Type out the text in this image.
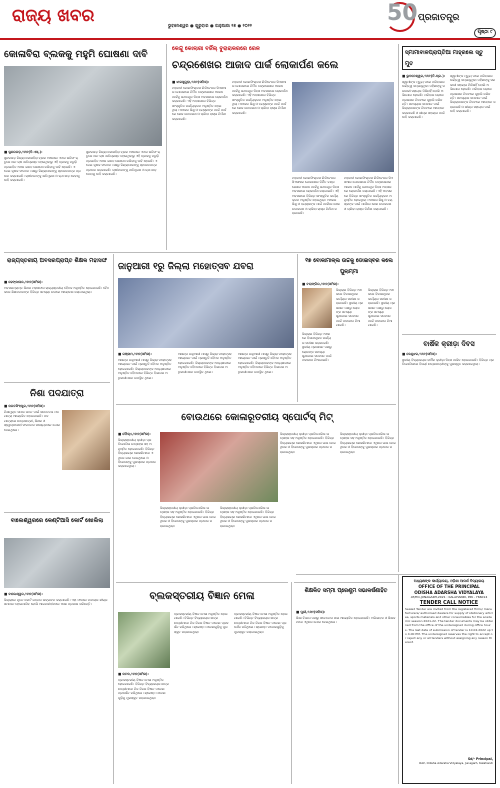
ରାଜ୍ୟ ଖବର	ଭୁବନେଶ୍ୱର ● ଗୁରୁବାର ● ଜାନୁଆରୀ ୨୭ ● ୨୦୨୨	50 ପ୍ରଜାତନ୍ତ୍ର
ପୃଷ୍ଠା ୯
କୋଳାବିରା ବ୍ଲକକୁ ମହୁମି ଘୋଷଣା ଦାବି
■ ସୁନ୍ଦରଗଡ଼,୨୬ା୧(ବି.ଏସ୍.):
ସୁନ୍ଦରଗଡ଼ ଜିଲ୍ଲା କୋଳାବିରା ବ୍ଲକ ଅଞ୍ଚଳରେ ଏଥର ଖରିଫ ଋତୁରେ ଧାନ ଚାଷ କ୍ଷତିଗ୍ରସ୍ତ ହୋଇଥିବାରୁ ଏହି ବ୍ଲକକୁ ମରୁଡ଼ି ପ୍ରଭାବିତ ଅଞ୍ଚଳ ଭାବେ ଘୋଷଣା କରିବାକୁ ଦାବି ହୋଇଛି। ଏ ନେଇ କୃଷକ ସଂଗଠନ ପକ୍ଷରୁ ଜିଲ୍ଲାପାଳଙ୍କୁ ସ୍ମାରକପତ୍ର ପ୍ରଦାନ କରାଯାଇଛି। ଚାଷୀମାନଙ୍କୁ କ୍ଷତିପୂରଣ ଓ ଋଣ ଛାଡ଼ ଦେବାକୁ ଦାବି କରାଯାଇଛି।
ସୁନ୍ଦରଗଡ଼ ଜିଲ୍ଲା କୋଳାବିରା ବ୍ଲକ ଅଞ୍ଚଳରେ ଏଥର ଖରିଫ ଋତୁରେ ଧାନ ଚାଷ କ୍ଷତିଗ୍ରସ୍ତ ହୋଇଥିବାରୁ ଏହି ବ୍ଲକକୁ ମରୁଡ଼ି ପ୍ରଭାବିତ ଅଞ୍ଚଳ ଭାବେ ଘୋଷଣା କରିବାକୁ ଦାବି ହୋଇଛି। ଏ ନେଇ କୃଷକ ସଂଗଠନ ପକ୍ଷରୁ ଜିଲ୍ଲାପାଳଙ୍କୁ ସ୍ମାରକପତ୍ର ପ୍ରଦାନ କରାଯାଇଛି। ଚାଷୀମାନଙ୍କୁ କ୍ଷତିପୂରଣ ଓ ଋଣ ଛାଡ଼ ଦେବାକୁ ଦାବି କରାଯାଇଛି।
କେନ୍ଦୁ କୋଲାରୀ ବର୍ଜିଲ୍ ବୁରାରାକରରେ ରେଳ
ଚନ୍ଦ୍ରଶେଖର ଆଜାଦ ପାର୍କ ଲୋକାର୍ପଣ କଲେ
■ ଝାରସୁଗୁଡ଼ା,୨୬ା୧(ସମିସ):
ମହାନଦୀ କୋଲଫିଲ୍ଡସ ଲିମିଟେଡର ସିଏସଆର ଯୋଜନାରେ ନିର୍ମିତ ଚନ୍ଦ୍ରଶେଖର ଆଜାଦ ପାର୍କକୁ ଗଣତନ୍ତ୍ର ଦିବସ ଅବସରରେ ଲୋକାର୍ପଣ କରାଯାଇଛି। ଏହି ଅବସରରେ ବିଭିନ୍ନ ସାଂସ୍କୃତିକ କାର୍ଯ୍ୟକ୍ରମ ଅନୁଷ୍ଠିତ ହୋଇଥିଲା। ଅଞ୍ଚଳର ଶିଶୁ ଓ ବୟସ୍କଙ୍କ ପାଇଁ ପାର୍କରେ ଖେଳ ଉପକରଣ ଓ ଚାଲିବା ରାସ୍ତା ନିର୍ମାଣ କରାଯାଇଛି।
ମହାନଦୀ କୋଲଫିଲ୍ଡସ ଲିମିଟେଡର ସିଏସଆର ଯୋଜନାରେ ନିର୍ମିତ ଚନ୍ଦ୍ରଶେଖର ଆଜାଦ ପାର୍କକୁ ଗଣତନ୍ତ୍ର ଦିବସ ଅବସରରେ ଲୋକାର୍ପଣ କରାଯାଇଛି। ଏହି ଅବସରରେ ବିଭିନ୍ନ ସାଂସ୍କୃତିକ କାର୍ଯ୍ୟକ୍ରମ ଅନୁଷ୍ଠିତ ହୋଇଥିଲା। ଅଞ୍ଚଳର ଶିଶୁ ଓ ବୟସ୍କଙ୍କ ପାଇଁ ପାର୍କରେ ଖେଳ ଉପକରଣ ଓ ଚାଲିବା ରାସ୍ତା ନିର୍ମାଣ କରାଯାଇଛି।
ମହାନଦୀ କୋଲଫିଲ୍ଡସ ଲିମିଟେଡର ସିଏସଆର ଯୋଜନାରେ ନିର୍ମିତ ଚନ୍ଦ୍ରଶେଖର ଆଜାଦ ପାର୍କକୁ ଗଣତନ୍ତ୍ର ଦିବସ ଅବସରରେ ଲୋକାର୍ପଣ କରାଯାଇଛି। ଏହି ଅବସରରେ ବିଭିନ୍ନ ସାଂସ୍କୃତିକ କାର୍ଯ୍ୟକ୍ରମ ଅନୁଷ୍ଠିତ ହୋଇଥିଲା। ଅଞ୍ଚଳର ଶିଶୁ ଓ ବୟସ୍କଙ୍କ ପାଇଁ ପାର୍କରେ ଖେଳ ଉପକରଣ ଓ ଚାଲିବା ରାସ୍ତା ନିର୍ମାଣ କରାଯାଇଛି।
ମହାନଦୀ କୋଲଫିଲ୍ଡସ ଲିମିଟେଡର ସିଏସଆର ଯୋଜନାରେ ନିର୍ମିତ ଚନ୍ଦ୍ରଶେଖର ଆଜାଦ ପାର୍କକୁ ଗଣତନ୍ତ୍ର ଦିବସ ଅବସରରେ ଲୋକାର୍ପଣ କରାଯାଇଛି। ଏହି ଅବସରରେ ବିଭିନ୍ନ ସାଂସ୍କୃତିକ କାର୍ଯ୍ୟକ୍ରମ ଅନୁଷ୍ଠିତ ହୋଇଥିଲା। ଅଞ୍ଚଳର ଶିଶୁ ଓ ବୟସ୍କଙ୍କ ପାଇଁ ପାର୍କରେ ଖେଳ ଉପକରଣ ଓ ଚାଲିବା ରାସ୍ତା ନିର୍ମାଣ କରାଯାଇଛି।
ସ୍ମାମୀବାଳପ୍ରାପ୍ତିଆ ମାହ୍ରଲେ ସ୍ତୁ ମୁତ
■ ଭୁବନେଶ୍ୱର,୨୬ା୧(ନି.ପ୍ର.):
ସ୍ୱାମୀଙ୍କ ମୃତ୍ୟୁ ପରେ ପରିବାରର ଦାୟିତ୍ୱ ସମ୍ଭାଳୁଥିବା ମହିଳାଙ୍କୁ ସରକାରୀ ସହାୟତା ମିଳିନାହିଁ ବୋଲି ଅଭିଯୋଗ ହୋଇଛି। ପରିବାର ଲୋକେ ପ୍ରଶାସନ ନିକଟରେ ଗୁହାରି କରିଛନ୍ତି। ସମସ୍ୟାର ସମାଧାନ ପାଇଁ ଜିଲ୍ଲାପାଳଙ୍କ ନିକଟରେ ଆବେଦନ କରାଯାଇଛି ଓ ଶୀଘ୍ର ସହାୟତା ପାଇଁ ଦାବି କରାଯାଇଛି।
ସ୍ୱାମୀଙ୍କ ମୃତ୍ୟୁ ପରେ ପରିବାରର ଦାୟିତ୍ୱ ସମ୍ଭାଳୁଥିବା ମହିଳାଙ୍କୁ ସରକାରୀ ସହାୟତା ମିଳିନାହିଁ ବୋଲି ଅଭିଯୋଗ ହୋଇଛି। ପରିବାର ଲୋକେ ପ୍ରଶାସନ ନିକଟରେ ଗୁହାରି କରିଛନ୍ତି। ସମସ୍ୟାର ସମାଧାନ ପାଇଁ ଜିଲ୍ଲାପାଳଙ୍କ ନିକଟରେ ଆବେଦନ କରାଯାଇଛି ଓ ଶୀଘ୍ର ସହାୟତା ପାଇଁ ଦାବି କରାଯାଇଛି।
ବାର୍ଷିକ କ୍ରୀଡ଼ା ଦିବସ
■ କେନ୍ଦୁଝର,୨୬ା୧(ସମିସ):
ସ୍ଥାନୀୟ ବିଦ୍ୟାଳୟର ବାର୍ଷିକ କ୍ରୀଡ଼ା ଦିବସ ପାଳିତ ହୋଇଯାଇଛି। ବିଭିନ୍ନ ପ୍ରତିଯୋଗିତାରେ ବିଜୟୀ ଛାତ୍ରଛାତ୍ରୀଙ୍କୁ ପୁରସ୍କୃତ କରାଯାଇଥିଲା।
ରାଜ୍ୟସ୍ତରୀୟ ଅବସରପ୍ରାପ୍ତ ଶିକ୍ଷକ ମହାସଙ୍ଘ
■ ଢେଙ୍କାନାଳ,୨୬ା୧(ସମିସ):
ଅବସରପ୍ରାପ୍ତ ଶିକ୍ଷକ ମହାସଙ୍ଘର ରାଜ୍ୟସ୍ତରୀୟ ବୈଠକ ଅନୁଷ୍ଠିତ ହୋଇଯାଇଛି। ବୈଠକରେ ଶିକ୍ଷକମାନଙ୍କ ବିଭିନ୍ନ ସମସ୍ୟା ଉପରେ ଆଲୋଚନା କରାଯାଇଥିଲା।
ନିଶା ପଦଯାତ୍ରା
■ ଜଗତସିଂହପୁର,୨୬ା୧(ସମିସ):
ନିଶାମୁକ୍ତ ସମାଜ ଗଠନ ପାଇଁ ସଚେତନତା ପଦଯାତ୍ରା ଆୟୋଜିତ ହୋଇଯାଇଛି। ପଦଯାତ୍ରାରେ ଛାତ୍ରଛାତ୍ରୀ, ଶିକ୍ଷକ ଓ ସ୍ୱେଚ୍ଛାସେବୀ ସଂଗଠନର ସଦସ୍ୟମାନେ ଯୋଗ ଦେଇଥିଲେ।
ବାଲେଶ୍ୱରରେ କେଣ୍ଟିଆସି କୋର୍ଟ ଖୋଲିଲା
■ ବାଲେଶ୍ୱର,୨୬ା୧(ସମିସ):
ଜିଲ୍ଲାରେ ନୂତନ କୋର୍ଟ ଭବନର ଉଦ୍‌ଘାଟନ କରାଯାଇଛି। ଏହା ଫଳରେ ମାମଲାର ଶୀଘ୍ର ସମାଧାନ ହୋଇପାରିବ ବୋଲି ଆଇନଜୀବୀମାନେ ଆଶା ପ୍ରକାଶ କରିଛନ୍ତି।
ଜାନୁଆରୀ ୧ରୁ ଜିଲ୍ଲା ମହୋତ୍ସବ ଯବରା
■ ଗଞ୍ଜାମ,୨୬ା୧(ସମିସ):
ଆସନ୍ତା ଜାନୁଆରୀ ମାସରୁ ଜିଲ୍ଲା ମହୋତ୍ସବ ଆୟୋଜନ ପାଇଁ ପ୍ରସ୍ତୁତି ବୈଠକ ଅନୁଷ୍ଠିତ ହୋଇଯାଇଛି। ଜିଲ୍ଲାପାଳଙ୍କ ଅଧ୍ୟକ୍ଷତାରେ ଅନୁଷ୍ଠିତ ବୈଠକରେ ବିଭିନ୍ନ ବିଭାଗର ଅଧିକାରୀମାନେ ଉପସ୍ଥିତ ଥିଲେ।
ଆସନ୍ତା ଜାନୁଆରୀ ମାସରୁ ଜିଲ୍ଲା ମହୋତ୍ସବ ଆୟୋଜନ ପାଇଁ ପ୍ରସ୍ତୁତି ବୈଠକ ଅନୁଷ୍ଠିତ ହୋଇଯାଇଛି। ଜିଲ୍ଲାପାଳଙ୍କ ଅଧ୍ୟକ୍ଷତାରେ ଅନୁଷ୍ଠିତ ବୈଠକରେ ବିଭିନ୍ନ ବିଭାଗର ଅଧିକାରୀମାନେ ଉପସ୍ଥିତ ଥିଲେ।
ଆସନ୍ତା ଜାନୁଆରୀ ମାସରୁ ଜିଲ୍ଲା ମହୋତ୍ସବ ଆୟୋଜନ ପାଇଁ ପ୍ରସ୍ତୁତି ବୈଠକ ଅନୁଷ୍ଠିତ ହୋଇଯାଇଛି। ଜିଲ୍ଲାପାଳଙ୍କ ଅଧ୍ୟକ୍ଷତାରେ ଅନୁଷ୍ଠିତ ବୈଠକରେ ବିଭିନ୍ନ ବିଭାଗର ଅଧିକାରୀମାନେ ଉପସ୍ଥିତ ଥିଲେ।
୧୭ ବୋକାମାଳ୍ଲ ଉଚ୍ଚକୁ ଡୋଇସ୍ବର କଲେ ପୁଲାମ୍ମୀ
■ ବଲାଙ୍ଗିର,୨୬ା୧(ସମିସ):
ଜିଲ୍ଲାର ବିଭିନ୍ନ ଅଞ୍ଚଳରେ ବିକାଶମୂଳକ କାର୍ଯ୍ୟର ସମୀକ୍ଷା କରାଯାଇଛି। ସ୍ଥାନୀୟ ପ୍ରଶାସନ ପକ୍ଷରୁ ଲୋକଙ୍କ ସମସ୍ୟା ଶୁଣାଯାଇ ସମାଧାନ ପାଇଁ ପଦକ୍ଷେପ ନିଆଯାଇଛି।
ଜିଲ୍ଲାର ବିଭିନ୍ନ ଅଞ୍ଚଳରେ ବିକାଶମୂଳକ କାର୍ଯ୍ୟର ସମୀକ୍ଷା କରାଯାଇଛି। ସ୍ଥାନୀୟ ପ୍ରଶାସନ ପକ୍ଷରୁ ଲୋକଙ୍କ ସମସ୍ୟା ଶୁଣାଯାଇ ସମାଧାନ ପାଇଁ ପଦକ୍ଷେପ ନିଆଯାଇଛି।
ଜିଲ୍ଲାର ବିଭିନ୍ନ ଅଞ୍ଚଳରେ ବିକାଶମୂଳକ କାର୍ଯ୍ୟର ସମୀକ୍ଷା କରାଯାଇଛି। ସ୍ଥାନୀୟ ପ୍ରଶାସନ ପକ୍ଷରୁ ଲୋକଙ୍କ ସମସ୍ୟା ଶୁଣାଯାଇ ସମାଧାନ ପାଇଁ ପଦକ୍ଷେପ ନିଆଯାଇଛି।
ବୋଉଥରେ କୋଳାରୂତରୀୟ ସ୍ପୋର୍ଟସ୍ ମିଟ୍
■ ବୌଦ୍ଧ,୨୬ା୧(ସମିସ):
ଜିଲ୍ଲାସ୍ତରୀୟ କ୍ରୀଡ଼ା ପ୍ରତିଯୋଗିତା ଉତ୍ସାହର ସହ ଅନୁଷ୍ଠିତ ହୋଇଯାଇଛି। ବିଭିନ୍ନ ବିଦ୍ୟାଳୟର ଖେଳାଳିମାନେ ଏଥିରେ ଭାଗ ନେଇଥିଲେ ଓ ବିଜେତାଙ୍କୁ ପୁରସ୍କାର ପ୍ରଦାନ କରାଯାଇଥିଲା।
ଜିଲ୍ଲାସ୍ତରୀୟ କ୍ରୀଡ଼ା ପ୍ରତିଯୋଗିତା ଉତ୍ସାହର ସହ ଅନୁଷ୍ଠିତ ହୋଇଯାଇଛି। ବିଭିନ୍ନ ବିଦ୍ୟାଳୟର ଖେଳାଳିମାନେ ଏଥିରେ ଭାଗ ନେଇଥିଲେ ଓ ବିଜେତାଙ୍କୁ ପୁରସ୍କାର ପ୍ରଦାନ କରାଯାଇଥିଲା।
ଜିଲ୍ଲାସ୍ତରୀୟ କ୍ରୀଡ଼ା ପ୍ରତିଯୋଗିତା ଉତ୍ସାହର ସହ ଅନୁଷ୍ଠିତ ହୋଇଯାଇଛି। ବିଭିନ୍ନ ବିଦ୍ୟାଳୟର ଖେଳାଳିମାନେ ଏଥିରେ ଭାଗ ନେଇଥିଲେ ଓ ବିଜେତାଙ୍କୁ ପୁରସ୍କାର ପ୍ରଦାନ କରାଯାଇଥିଲା।
ଜିଲ୍ଲାସ୍ତରୀୟ କ୍ରୀଡ଼ା ପ୍ରତିଯୋଗିତା ଉତ୍ସାହର ସହ ଅନୁଷ୍ଠିତ ହୋଇଯାଇଛି। ବିଭିନ୍ନ ବିଦ୍ୟାଳୟର ଖେଳାଳିମାନେ ଏଥିରେ ଭାଗ ନେଇଥିଲେ ଓ ବିଜେତାଙ୍କୁ ପୁରସ୍କାର ପ୍ରଦାନ କରାଯାଇଥିଲା।
ଜିଲ୍ଲାସ୍ତରୀୟ କ୍ରୀଡ଼ା ପ୍ରତିଯୋଗିତା ଉତ୍ସାହର ସହ ଅନୁଷ୍ଠିତ ହୋଇଯାଇଛି। ବିଭିନ୍ନ ବିଦ୍ୟାଳୟର ଖେଳାଳିମାନେ ଏଥିରେ ଭାଗ ନେଇଥିଲେ ଓ ବିଜେତାଙ୍କୁ ପୁରସ୍କାର ପ୍ରଦାନ କରାଯାଇଥିଲା।
ବ୍ଲକସ୍ତରୀୟ ବିଜ୍ଞାନ ମେଳା
■ କଟକ,୨୬ା୧(ସମିସ):
ବ୍ଲକସ୍ତରୀୟ ବିଜ୍ଞାନ ମେଳା ଅନୁଷ୍ଠିତ ହୋଇଯାଇଛି। ବିଭିନ୍ନ ବିଦ୍ୟାଳୟର ଛାତ୍ରଛାତ୍ରୀମାନେ ନିଜ ନିଜର ବିଜ୍ଞାନ ମଡେଲ ପ୍ରଦର୍ଶନ କରିଥିଲେ। ଶ୍ରେଷ୍ଠ ମଡେଲଗୁଡ଼ିକୁ ପୁରସ୍କୃତ କରାଯାଇଥିଲା।
ବ୍ଲକସ୍ତରୀୟ ବିଜ୍ଞାନ ମେଳା ଅନୁଷ୍ଠିତ ହୋଇଯାଇଛି। ବିଭିନ୍ନ ବିଦ୍ୟାଳୟର ଛାତ୍ରଛାତ୍ରୀମାନେ ନିଜ ନିଜର ବିଜ୍ଞାନ ମଡେଲ ପ୍ରଦର୍ଶନ କରିଥିଲେ। ଶ୍ରେଷ୍ଠ ମଡେଲଗୁଡ଼ିକୁ ପୁରସ୍କୃତ କରାଯାଇଥିଲା।
ବ୍ଲକସ୍ତରୀୟ ବିଜ୍ଞାନ ମେଳା ଅନୁଷ୍ଠିତ ହୋଇଯାଇଛି। ବିଭିନ୍ନ ବିଦ୍ୟାଳୟର ଛାତ୍ରଛାତ୍ରୀମାନେ ନିଜ ନିଜର ବିଜ୍ଞାନ ମଡେଲ ପ୍ରଦର୍ଶନ କରିଥିଲେ। ଶ୍ରେଷ୍ଠ ମଡେଲଗୁଡ଼ିକୁ ପୁରସ୍କୃତ କରାଯାଇଥିଲା।
ଶିକ୍ଷକିତ ସମ୍ମୀ ପ୍ରେଣ୍ଟ୍ମ ସଭାକର୍ଷଣାହିତ
■ ପୁରୀ,୨୬ା୧(ସମିସ):
ଶିକ୍ଷା ବିଭାଗ ପକ୍ଷରୁ ସଚେତନତା ସଭା ଆୟୋଜିତ ହୋଇଯାଇଛି। ଅଭିଭାବକ ଓ ଶିକ୍ଷକମାନେ ଏଥିରେ ଯୋଗ ଦେଇଥିଲେ।
ଅଧ୍ୟକ୍ଷଙ୍କ କାର୍ଯ୍ୟାଳୟ, ଓଡ଼ିଶା ଆଦର୍ଶ ବିଦ୍ୟାଳୟ
OFFICE OF THE PRINCIPAL
ODISHA ADARSHA VIDYALAYA
AT/PO-JUNAGARH,2021 : KALAHANDI, PIN - 766014
TENDER CALL NOTICE
Sealed Tender are invited from the registered firms/ manufacturers/ authorised dealers for supply of stationery articles, sports materials and other consumables for the academic session 2021-22. The tender documents may be obtained from the office of the undersigned during office hours. The last date of submission of tender is 10.02.2022 up to 4.00 PM. The undersigned reserves the right to accept or reject any or all tenders without assigning any reason thereof.
Sd/- Principal,
OAV, Odisha Adarsha Vidyalaya, Junagarh, Kalahandi
